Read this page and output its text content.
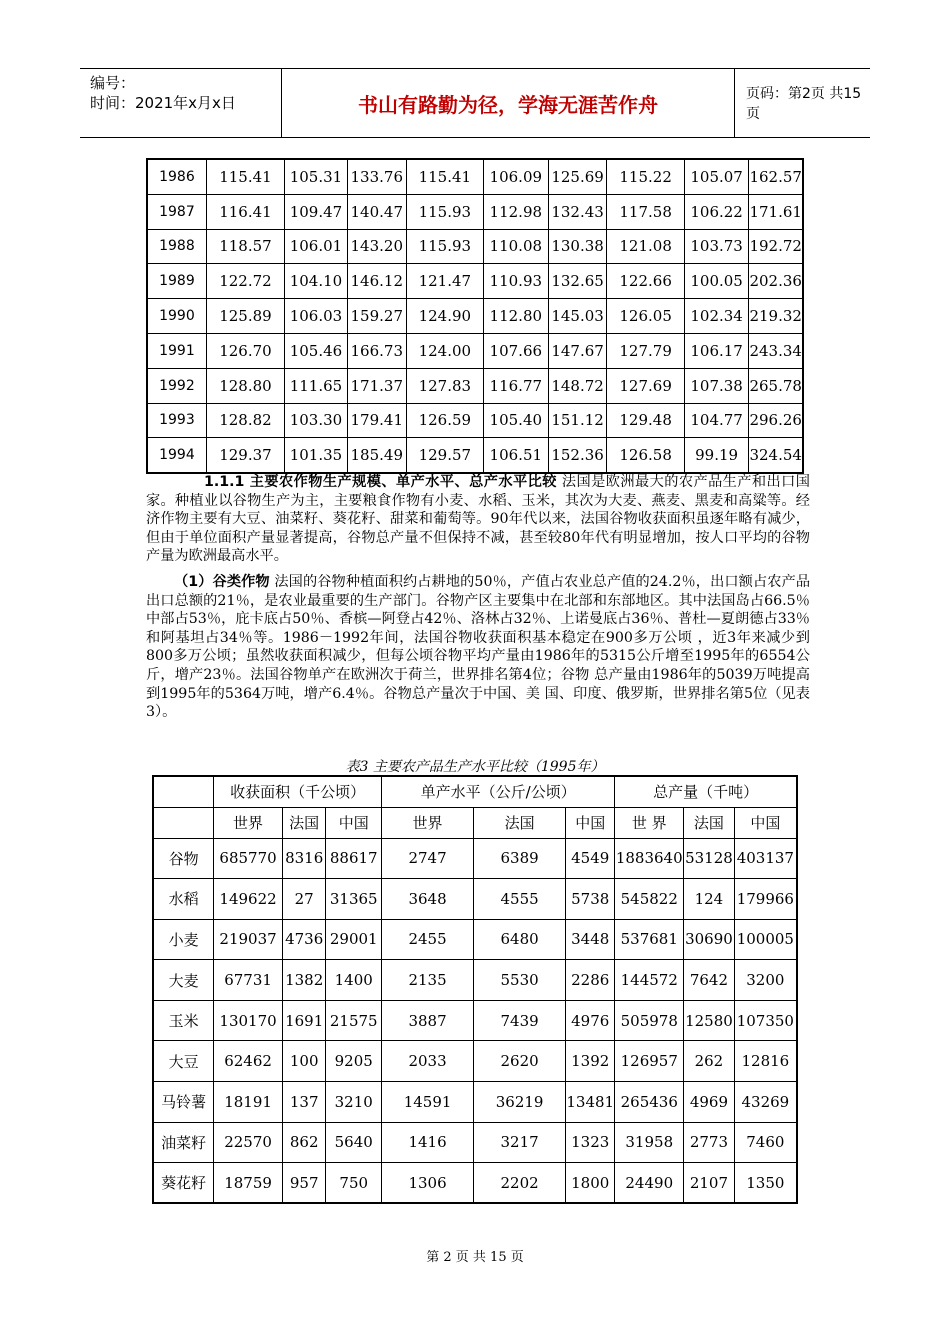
编号：
时间：2021年x月x日	书山有路勤为径，学海无涯苦作舟	页码：第2页 共15页
1986	115.41	105.31	133.76	115.41	106.09	125.69	115.22	105.07	162.57
1987	116.41	109.47	140.47	115.93	112.98	132.43	117.58	106.22	171.61
1988	118.57	106.01	143.20	115.93	110.08	130.38	121.08	103.73	192.72
1989	122.72	104.10	146.12	121.47	110.93	132.65	122.66	100.05	202.36
1990	125.89	106.03	159.27	124.90	112.80	145.03	126.05	102.34	219.32
1991	126.70	105.46	166.73	124.00	107.66	147.67	127.79	106.17	243.34
1992	128.80	111.65	171.37	127.83	116.77	148.72	127.69	107.38	265.78
1993	128.82	103.30	179.41	126.59	105.40	151.12	129.48	104.77	296.26
1994	129.37	101.35	185.49	129.57	106.51	152.36	126.58	99.19	324.54
1.1.1 主要农作物生产规模、单产水平、总产水平比较 法国是欧洲最大的农产品生产和出口国家。种植业以谷物生产为主，主要粮食作物有小麦、水稻、玉米，其次为大麦、燕麦、黑麦和高粱等。经济作物主要有大豆、油菜籽、葵花籽、甜菜和葡萄等。90年代以来，法国谷物收获面积虽逐年略有减少，但由于单位面积产量显著提高，谷物总产量不但保持不减，甚至较80年代有明显增加，按人口平均的谷物产量为欧洲最高水平。
（1）谷类作物 法国的谷物种植面积约占耕地的50％，产值占农业总产值的24.2％，出口额占农产品出口总额的21％，是农业最重要的生产部门。谷物产区主要集中在北部和东部地区。其中法国岛占66.5％中部占53％，庇卡底占50％、香槟—阿登占42％、洛林占32％、上诺曼底占36％、普杜—夏朗德占33％和阿基坦占34％等。1986－1992年间，法国谷物收获面积基本稳定在900多万公顷 ，近3年来减少到800多万公顷；虽然收获面积减少，但每公顷谷物平均产量由1986年的5315公斤增至1995年的6554公斤，增产23％。法国谷物单产在欧洲次于荷兰，世界排名第4位；谷物 总产量由1986年的5039万吨提高到1995年的5364万吨，增产6.4％。谷物总产量次于中国、美 国、印度、俄罗斯，世界排名第5位（见表3）。
表3 主要农产品生产水平比较（1995年）
	收获面积（千公顷）			单产水平（公斤/公顷）			总产量（千吨）		
	世界	法国	中国	世界	法国	中国	世 界	法国	中国
谷物	685770	8316	88617	2747	6389	4549	1883640	53128	403137
水稻	149622	27	31365	3648	4555	5738	545822	124	179966
小麦	219037	4736	29001	2455	6480	3448	537681	30690	100005
大麦	67731	1382	1400	2135	5530	2286	144572	7642	3200
玉米	130170	1691	21575	3887	7439	4976	505978	12580	107350
大豆	62462	100	9205	2033	2620	1392	126957	262	12816
马铃薯	18191	137	3210	14591	36219	13481	265436	4969	43269
油菜籽	22570	862	5640	1416	3217	1323	31958	2773	7460
葵花籽	18759	957	750	1306	2202	1800	24490	2107	1350
第 2 页 共 15 页
